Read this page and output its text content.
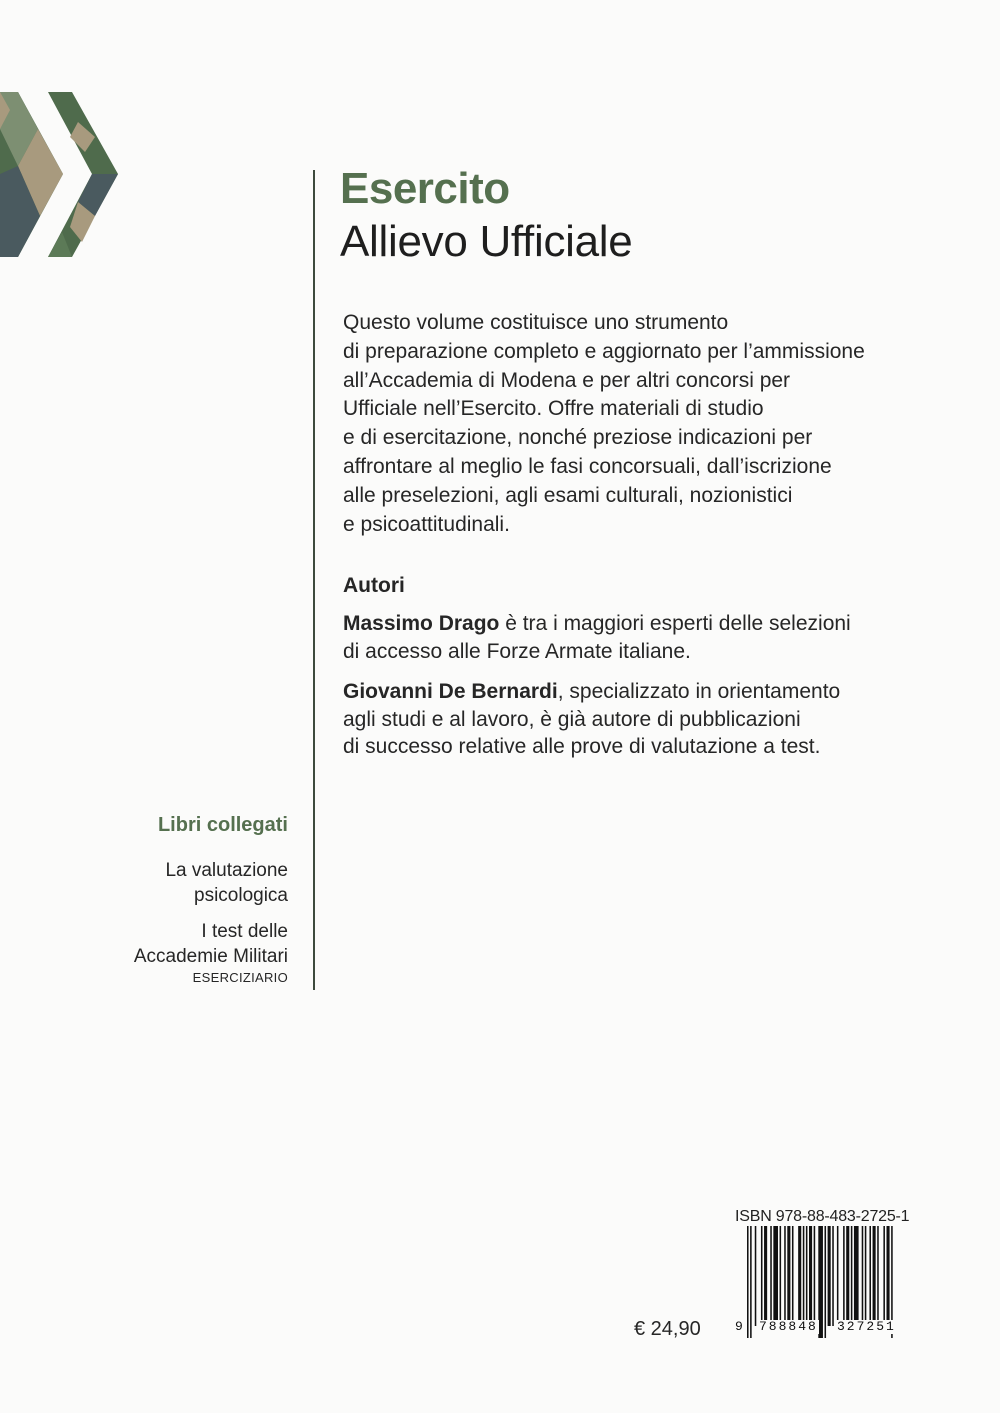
Esercito
Allievo Ufficiale
Questo volume costituisce uno strumento
di preparazione completo e aggiornato per l’ammissione
all’Accademia di Modena e per altri concorsi per
Ufficiale nell’Esercito. Offre materiali di studio
e di esercitazione, nonché preziose indicazioni per
affrontare al meglio le fasi concorsuali, dall’iscrizione
alle preselezioni, agli esami culturali, nozionistici
e psicoattitudinali.
Autori
Massimo Drago è tra i maggiori esperti delle selezioni
di accesso alle Forze Armate italiane.
Giovanni De Bernardi, specializzato in orientamento
agli studi e al lavoro, è già autore di pubblicazioni
di successo relative alle prove di valutazione a test.
Libri collegati
La valutazione
psicologica
I test delle
Accademie Militari
ESERCIZIARIO
€ 24,90
ISBN 978-88-483-2725-1
9 788848 327251
